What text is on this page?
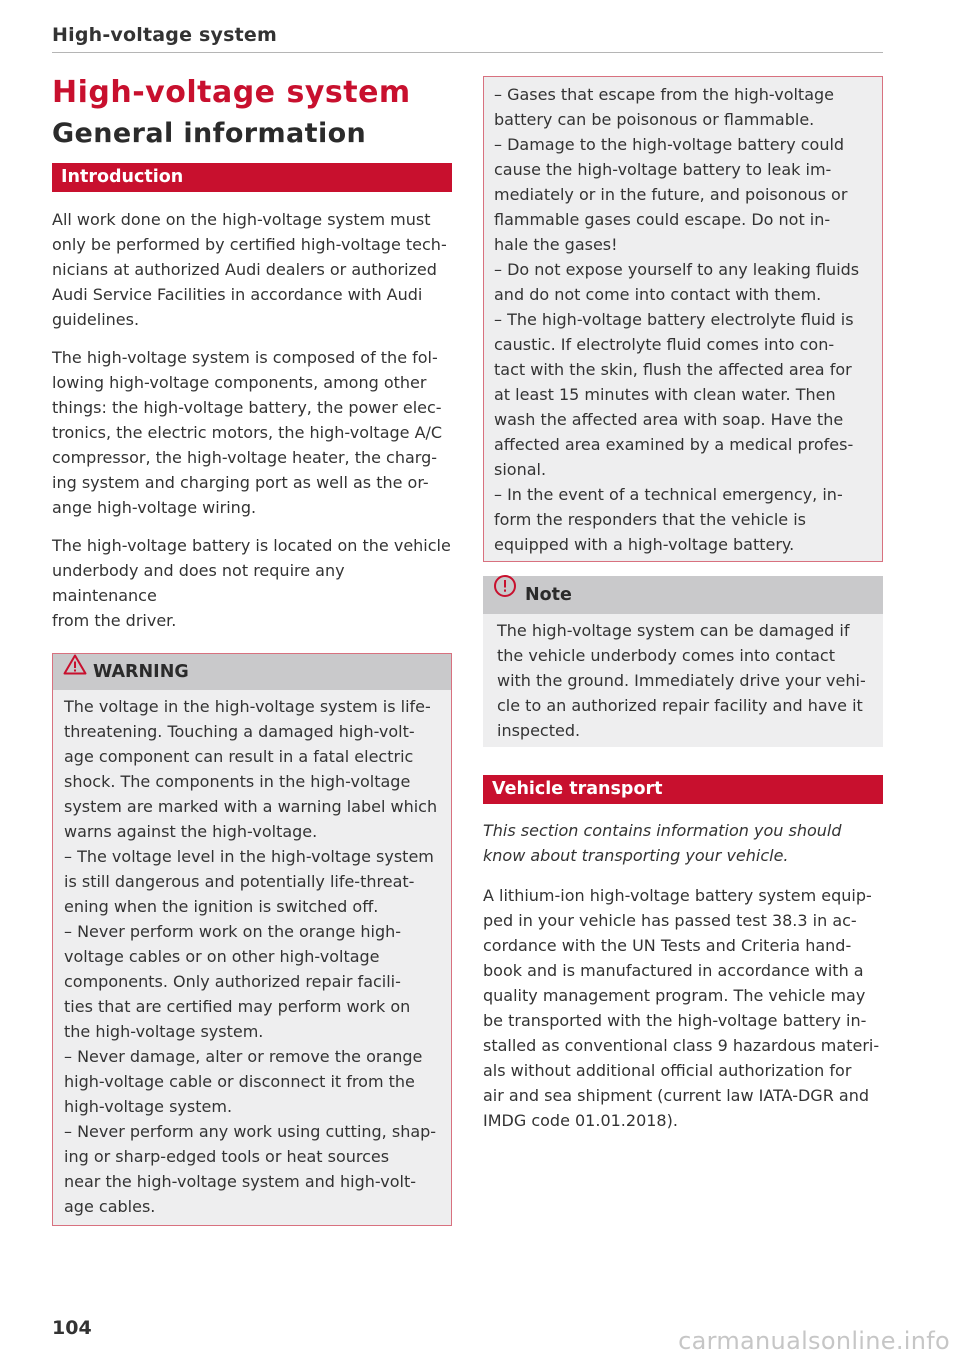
High-voltage system
High-voltage system
General information
Introduction
All work done on the high-voltage system must
only be performed by certified high-voltage tech-
nicians at authorized Audi dealers or authorized
Audi Service Facilities in accordance with Audi
guidelines.
The high-voltage system is composed of the fol-
lowing high-voltage components, among other
things: the high-voltage battery, the power elec-
tronics, the electric motors, the high-voltage A/C
compressor, the high-voltage heater, the charg-
ing system and charging port as well as the or-
ange high-voltage wiring.
The high-voltage battery is located on the vehicle
underbody and does not require any maintenance
from the driver.
WARNING
The voltage in the high-voltage system is life-
threatening. Touching a damaged high-volt-
age component can result in a fatal electric
shock. The components in the high-voltage
system are marked with a warning label which
warns against the high-voltage.
– The voltage level in the high-voltage system
is still dangerous and potentially life-threat-
ening when the ignition is switched off.
– Never perform work on the orange high-
voltage cables or on other high-voltage
components. Only authorized repair facili-
ties that are certified may perform work on
the high-voltage system.
– Never damage, alter or remove the orange
high-voltage cable or disconnect it from the
high-voltage system.
– Never perform any work using cutting, shap-
ing or sharp-edged tools or heat sources
near the high-voltage system and high-volt-
age cables.
– Gases that escape from the high-voltage
battery can be poisonous or flammable.
– Damage to the high-voltage battery could
cause the high-voltage battery to leak im-
mediately or in the future, and poisonous or
flammable gases could escape. Do not in-
hale the gases!
– Do not expose yourself to any leaking fluids
and do not come into contact with them.
– The high-voltage battery electrolyte fluid is
caustic. If electrolyte fluid comes into con-
tact with the skin, flush the affected area for
at least 15 minutes with clean water. Then
wash the affected area with soap. Have the
affected area examined by a medical profes-
sional.
– In the event of a technical emergency, in-
form the responders that the vehicle is
equipped with a high-voltage battery.
Note
The high-voltage system can be damaged if
the vehicle underbody comes into contact
with the ground. Immediately drive your vehi-
cle to an authorized repair facility and have it
inspected.
Vehicle transport
This section contains information you should
know about transporting your vehicle.
A lithium-ion high-voltage battery system equip-
ped in your vehicle has passed test 38.3 in ac-
cordance with the UN Tests and Criteria hand-
book and is manufactured in accordance with a
quality management program. The vehicle may
be transported with the high-voltage battery in-
stalled as conventional class 9 hazardous materi-
als without additional official authorization for
air and sea shipment (current law IATA-DGR and
IMDG code 01.01.2018).
104	carmanualsonline.info
